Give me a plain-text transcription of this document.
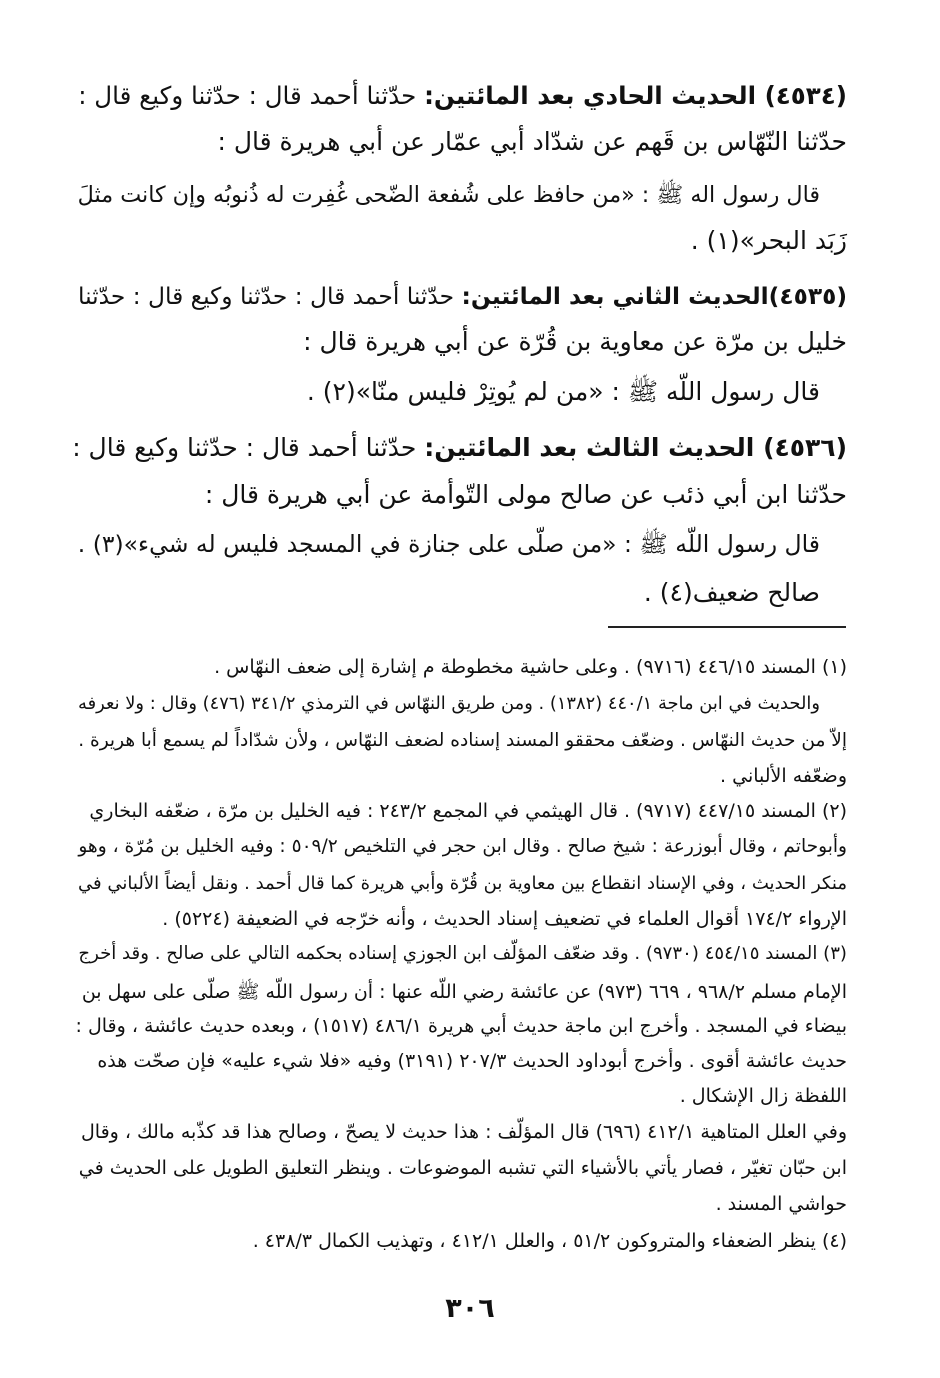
(٤٥٣٤) الحديث الحادي بعد المائتين: حدّثنا أحمد قال : حدّثنا وكيع قال :
حدّثنا النّهّاس بن قَهم عن شدّاد أبي عمّار عن أبي هريرة قال :
قال رسول اله ﷺ : «من حافظ على شُفعة الضّحى غُفِرت له ذُنوبُه وإن كانت مثلَ
زَبَد البحر»(١) .
(٤٥٣٥)الحديث الثاني بعد المائتين: حدّثنا أحمد قال : حدّثنا وكيع قال : حدّثنا
خليل بن مرّة عن معاوية بن قُرّة عن أبي هريرة قال :
قال رسول اللّه ﷺ : «من لم يُوتِرْ فليس منّا»(٢) .
(٤٥٣٦) الحديث الثالث بعد المائتين: حدّثنا أحمد قال : حدّثنا وكيع قال :
حدّثنا ابن أبي ذئب عن صالح مولى التّوأمة عن أبي هريرة قال :
قال رسول اللّه ﷺ : «من صلّى على جنازة في المسجد فليس له شيء»(٣) .
صالح ضعيف(٤) .
(١) المسند ٤٤٦/١٥ (٩٧١٦) . وعلى حاشية مخطوطة م إشارة إلى ضعف النهّاس .
والحديث في ابن ماجة ٤٤٠/١ (١٣٨٢) . ومن طريق النهّاس في الترمذي ٣٤١/٢ (٤٧٦) وقال : ولا نعرفه
إلاّ من حديث النهّاس . وضعّف محققو المسند إسناده لضعف النهّاس ، ولأن شدّاداً لم يسمع أبا هريرة .
وضعّفه الألباني .
(٢) المسند ٤٤٧/١٥ (٩٧١٧) . قال الهيثمي في المجمع ٢٤٣/٢ : فيه الخليل بن مرّة ، ضعّفه البخاري
وأبوحاتم ، وقال أبوزرعة : شيخ صالح . وقال ابن حجر في التلخيص ٥٠٩/٢ : وفيه الخليل بن مُرّة ، وهو
منكر الحديث ، وفي الإسناد انقطاع بين معاوية بن قُرّة وأبي هريرة كما قال أحمد . ونقل أيضاً الألباني في
الإرواء ١٧٤/٢ أقوال العلماء في تضعيف إسناد الحديث ، وأنه خرّجه في الضعيفة (٥٢٢٤) .
(٣) المسند ٤٥٤/١٥ (٩٧٣٠) . وقد ضعّف المؤلّف ابن الجوزي إسناده بحكمه التالي على صالح . وقد أخرج
الإمام مسلم ٩٦٨/٢ ، ٦٦٩ (٩٧٣) عن عائشة رضي اللّه عنها : أن رسول اللّه ﷺ صلّى على سهل بن
بيضاء في المسجد . وأخرج ابن ماجة حديث أبي هريرة ٤٨٦/١ (١٥١٧) ، وبعده حديث عائشة ، وقال :
حديث عائشة أقوى . وأخرج أبوداود الحديث ٢٠٧/٣ (٣١٩١) وفيه «فلا شيء عليه» فإن صحّت هذه
اللفظة زال الإشكال .
وفي العلل المتاهية ٤١٢/١ (٦٩٦) قال المؤلّف : هذا حديث لا يصحّ ، وصالح هذا قد كذّبه مالك ، وقال
ابن حبّان تغيّر ، فصار يأتي بالأشياء التي تشبه الموضوعات . وينظر التعليق الطويل على الحديث في
حواشي المسند .
(٤) ينظر الضعفاء والمتروكون ٥١/٢ ، والعلل ٤١٢/١ ، وتهذيب الكمال ٤٣٨/٣ .
٣٠٦
